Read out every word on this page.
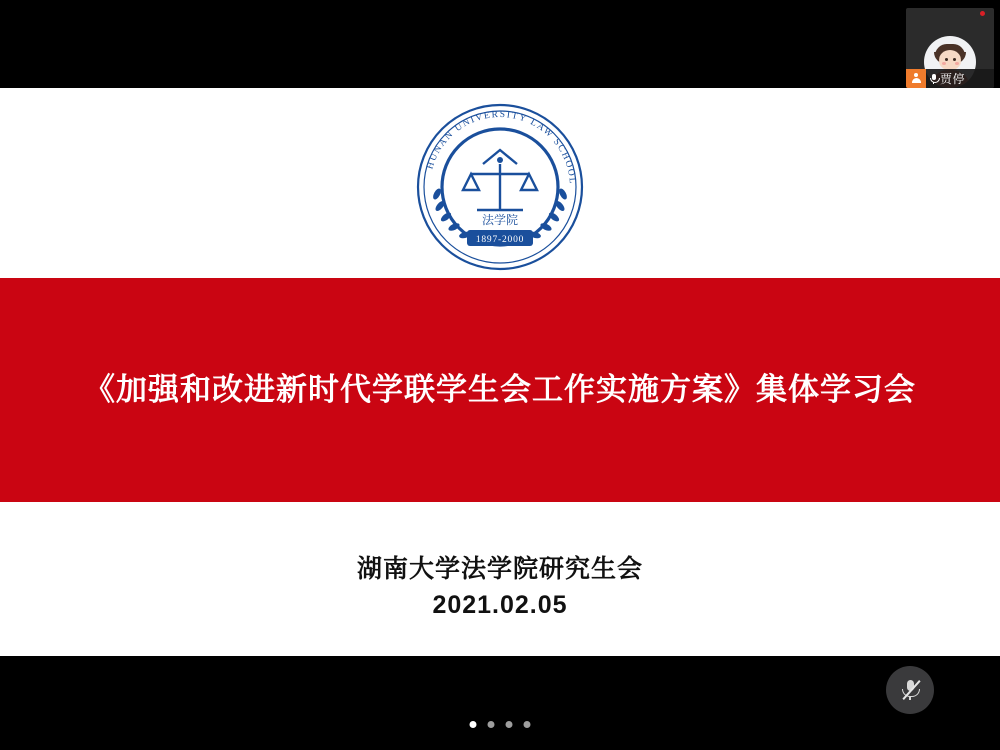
贾停
HUNAN UNIVERSITY LAW SCHOOL
1897-2000
法学院
《加强和改进新时代学联学生会工作实施方案》集体学习会
湖南大学法学院研究生会
2021.02.05
